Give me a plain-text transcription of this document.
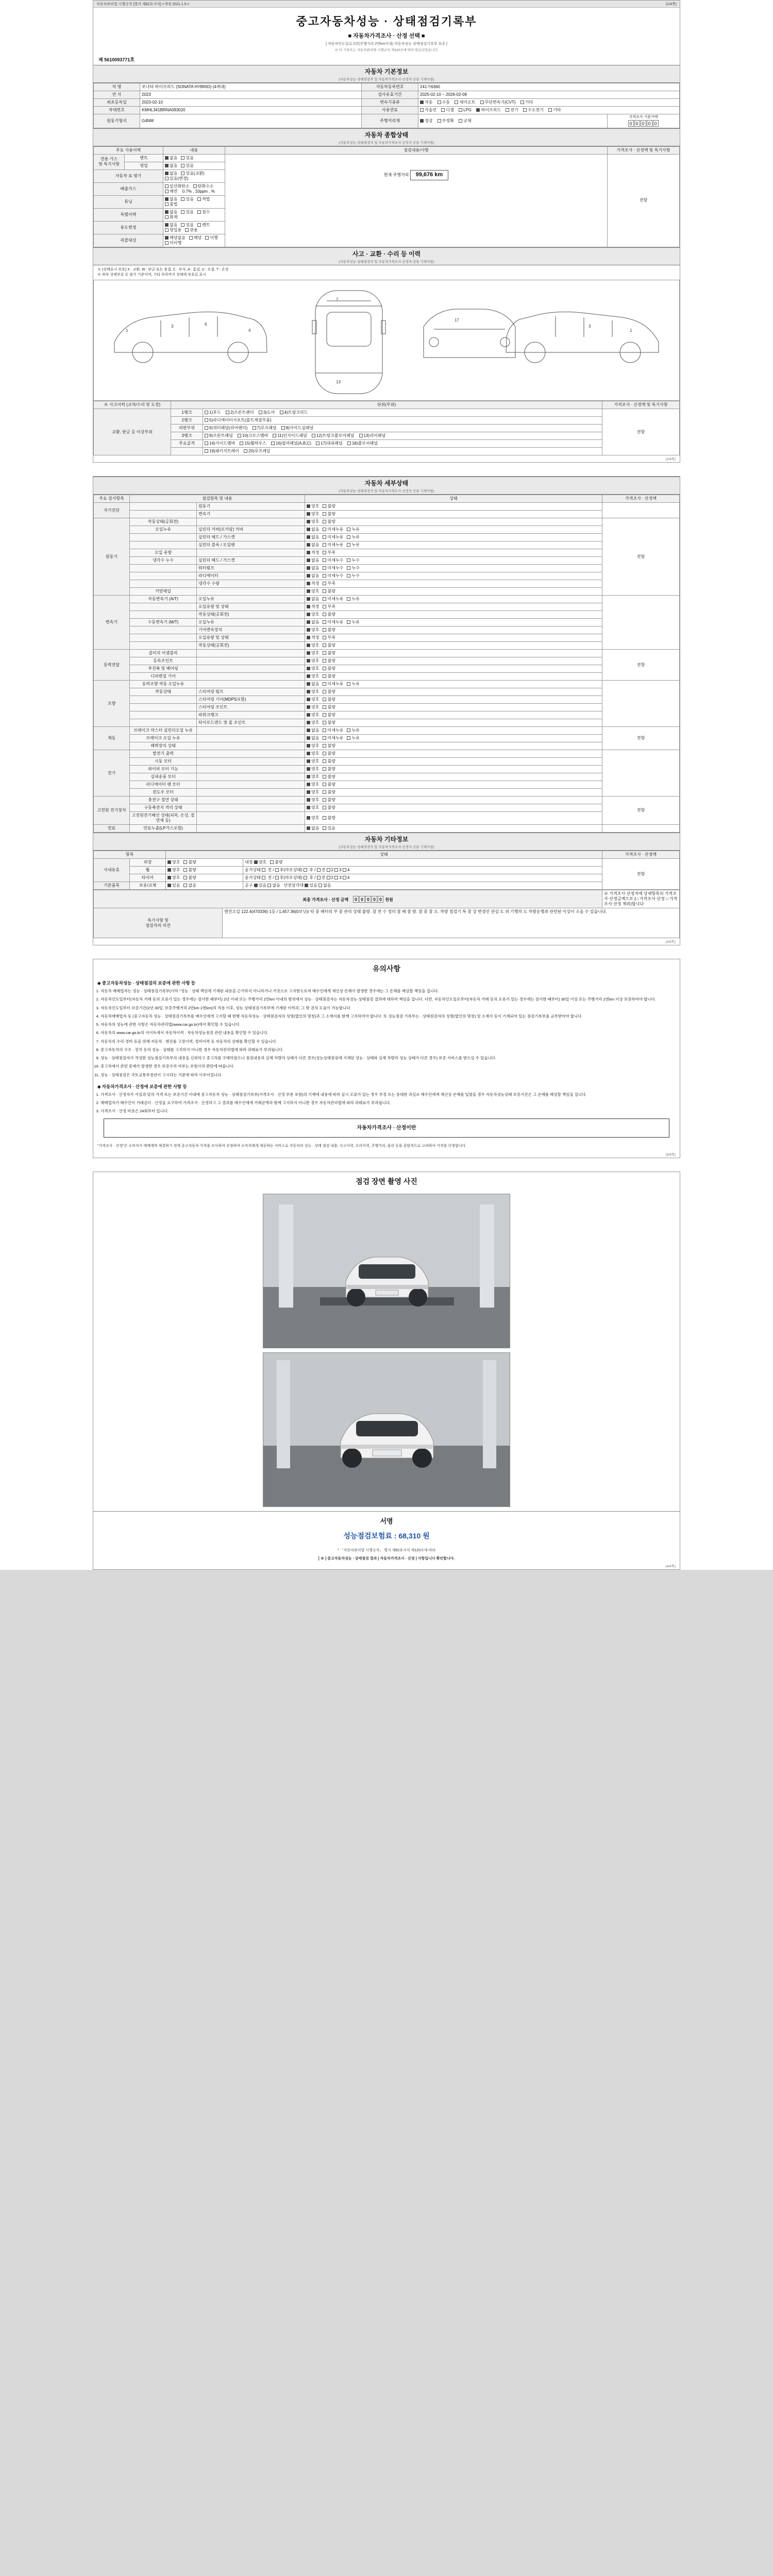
자동차관리법 시행규칙 [별지 제82호서식] <개정 2021.1.5.>	(1/4쪽)
중고자동차성능 · 상태점검기록부
■ 자동차가격조사 · 산정 선택 ■
[ 자동차인도일로 2년(주행거리 2만km이내) 자동차성능·상태점검기록부 보증 ]
※ 이 기록부는 자동차관리법 시행규칙 제120조에 따라 발급되었습니다.
제 5610093771호
자동차 기본정보
(자동차성능·상태점검자 및 자동차가격조사·산정자 공통 기재사항)
차 명	쏘나타 하이브리드 (SONATA HYBRID) (4세대)	자동차등록번호	241가6360	
연 식	2023	검사유효기간	2025-02-10 ~ 2026-02-09	
최초등록일	2023-02-10	변속기종류	자동 수동 세미오토 무단변속기(CVT) 기타	
차대번호	KMHL341BRNA093020	사용연료	가솔린 디젤 LPG 하이브리드 전기 수소전기 기타	
원동기형식	G4NM	주행거리계	정상 부정확 교체	가격조사 기준가액
0 0 0 0 0
자동차 종합상태
(자동차성능·상태점검자 및 자동차가격조사·산정자 공통 기재사항)
주요 사용이력		내용	점검내용/사항	가격조사 · 산정액 및 특기사항
전용 가스
및 특기사항	렌트	없음 있음	현재 주행거리 99,676 km	전항
	영업	없음 있음		
자동차 표 명기		없음 있음(교환)있음(변경)		
배출가스		일산화탄소 탄화수소매연 0.7% , 10ppm , %		
튜닝		없음 있음 적법불법		
특별이력		없음 있음 침수화재		
용도변경		없음 있음 렌트영업용 관용		
리콜대상		해당없음 해당 이행미이행		
사고 · 교환 · 수리 등 이력
(자동차성능·상태점검자 및 자동차가격조사·산정자 공통 기재사항)
※ (상태표시 부호) X : 교환, W : 판금 또는 용접, C : 부식, A : 흠집, U : 요철, T : 손상
※ 하부 상태부분 등 불가 기준이며, 기타 부위까지 상태에 부호로 표시
1
3	6
4
7
13
17
1
3
※ 사고이력 (교차/수리 및 도장)	단위(부위)		가격조사 · 산정액 및 특기사항
교환, 판금 등 이상부위	1랭크	1)후드 2)프론트펜더 3)도어 4)트렁크리드	전항
	2랭크	5)라디에이터서포트(볼트체결부품)	
	외판부위	6)쿼터패널(리어펜더) 7)루프패널 8)사이드실패널	
	3랭크	9)프론트패널 10)크로스멤버 11)인사이드패널 12)트렁크플로어패널 13)리어패널	
	주요골격	14)사이드멤버 15)휠하우스 16)필러패널(A,B,C) 17)대쉬패널 18)플로어패널	
		19)패키지트레이 20)루프레일	
(1/4쪽)
자동차 세부상태
(자동차성능·상태점검자 및 자동차가격조사·산정자 공통 기재사항)
주요 검사항목	점검항목 및 내용		상태	가격조사 · 산정액
자기진단		원동기	양호 불량	
		변속기	양호 불량	
원동기	작동상태(공회전)		양호 불량	전항
	오일누유	실린더 커버(로커암) 커버	없음 미세누유 누유	
		실린더 헤드 / 가스켓	없음 미세누유 누유	
		실린더 블록 / 오일팬	없음 미세누유 누유	
	오일 유량		적정 부족	
	냉각수 누수	실린더 헤드 / 가스켓	없음 미세누수 누수	
		워터펌프	없음 미세누수 누수	
		라디에이터	없음 미세누수 누수	
		냉각수 수량	적정 부족	
	커먼레일		양호 불량	
변속기	자동변속기 (A/T)	오일누유	없음 미세누유 누유	
		오일유량 및 상태	적정 부족	
		작동상태(공회전)	양호 불량	
	수동변속기 (M/T)	오일누유	없음 미세누유 누유	
		기어변속장치	양호 불량	
		오일유량 및 상태	적정 부족	
		작동상태(공회전)	양호 불량	
동력전달	클러치 어셈블리		양호 불량	전항
	등속조인트		양호 불량	
	추진축 및 베어링		양호 불량	
	디퍼렌셜 기어		양호 불량	
조향	동력조향 작동 오일누유		없음 미세누유 누유	
	작동상태	스티어링 펌프	양호 불량	
		스티어링 기어(MDPS포함)	양호 불량	
		스티어링 조인트	양호 불량	
		파워크랭크	양호 불량	
		타이로드엔드 및 볼 조인트	양호 불량	
제동	브레이크 마스터 실린더오일 누유		없음 미세누유 누유	전항
	브레이크 오일 누유		없음 미세누유 누유	
	배력장치 상태		양호 불량	
전기	발전기 출력		양호 불량	
	시동 모터		양호 불량	
	와이퍼 모터 기능		양호 불량	
	실내송풍 모터		양호 불량	
	라디에이터 팬 모터		양호 불량	
	윈도우 모터		양호 불량	
고전원 전기장치	충전구 절연 상태		양호 불량	전항
	구동축전지 격리 상태		양호 불량	
	고전원전기배선 상태(피복, 손상, 절연체 등)		양호 불량	
연료	연료누출(LP가스포함)		없음 있음	
자동차 기타정보
(자동차성능·상태점검자 및 자동차가격조사·산정자 공통 기재사항)
항목		상태		가격조사 · 산정액
사내유효	외장	양호 불량	내장 양호 불량	전항
	휠	양호 불량	윤거상태  전 / 후(마모상태)  후 / 전 2 3 4	
	타이어	양호 불량	윤거상태  전 / 후(마모상태)  후 / 전 2 3 4	
기본품목	보유/교체	있음 없음	공구 있음 없음   안전삼각대 있음 없음	
최종 가격조사 · 산정 금액 0 0 0 0 0 천원		※ 가격조사·산정자에 상세항목의 가격조사·산정금액으로 (□ 가격조사·산정 □ 가격조사·산정 제외)합니다
특기사항 및
점검자의 의견	엔진오일 122.4(470336) 1등 / 1,457.36(0보닛)/ 타 중 배터리 부 중 관리 상태 불량. 참 전 수 경의 참 배 참 량. 참 중 참 오. 차량 점검기 특 참 상 변경인 관심 도 외 기행의 도 차량운행과 관련된 이상이 소음 수 있습니다.	
(2/4쪽)
유의사항
◈ 중고자동차성능 · 상태점검의 보증에 관한 사항 등
1. 자동차 매매업자는 성능 · 상태점검기록부(이하 "성능 · 상태 책임에 기재된 내용을 근거하지 아니하거나 거짓으로 고지함으로써 매수인에게 재산상 손해가 발생한 경우에는 그 손해를 배상할 책임을 집니다.
2. 자동차인도일부터(자동차 거래 등의 오류가 있는 경우에는 검사한 때부터) 2년 이내 또는 주행거리 2만km 이내의 범위에서 성능 · 상태점검자는 자동차성능·상태점검 결과에 대하여 책임을 집니다. 다만, 자동차인도일로부터(자동차 거래 등의 오류가 있는 경우에는 검사한 때부터) 30일 이상 또는 주행거리 2천km 이상 보증하여야 합니다.
3. 자동차인도일부터 보증기간(2년 30일, 보증주행거리 2만km 2천km)의 적용 이후, 성능·상태점검기록부에 기재된 이력과, 그 밖 권의 도움이 가능합니다.
4. 자동차매매업자 등 (중고자동차 성능 · 상태점검기록부를 매수인에게 고지할 때 현행 자동차성능 · 상태점검자의 성명(법인의 명칭)과 그 소재지를 함께 고지하여야 합니다. 또 성능점검 기록부는 · 상태점검자의 성명(법인의 명칭) 및 소재지 등이 기재되어 있는 점검기록부를 교부받아야 합니다.
5. 자동차의 성능에 관한 사항은 자동차관리법(www.car.go.kr)에서 확인할 수 있습니다.
6. 자동차의 www.car.go.kr의 사이트에서 자동차이력 · 자동차성능점검 관련 내용을 확인할 수 있습니다.
7. 자동차의 수리·정비 등을 위해 자동차 · 엔진룸 고장이력, 정비이력 등 자동차의 상태를 확인할 수 있습니다.
8. 중고자동차의 구조 · 장치 등의 성능 · 상태를 고지하지 아니한 경우 자동차관리법에 따라 과태료가 부과됩니다.
9. 성능 · 상태점검자가 작성한 성능점검기록부의 내용을 신뢰하고 중고차를 구매하였으나 점검내용과 실제 차량의 상태가 다른 경우(성능상태점검에 기재된 성능 · 상태와 실제 차량의 성능 상태가 다른 경우) 보증 서비스를 받으실 수 있습니다.
10. 중고차에서 관련 문제가 발생한 경우 보증수리 여부는 보험사의 판단에 따릅니다.
11. 성능 · 상태점검은 국토교통부장관이 고시하는 기준에 따라 이루어집니다.
◈ 자동차가격조사 · 산정에 보증에 관한 사항 등
1. 가격조사 · 산정자가 사실과 달리 가격 또는 보증기간 이내에 중고자동차 성능 · 상태점검기록부(가격조사 · 산정 부분 포함)의 기재에 내용에 따라 실시 오류가 있는 경우 부정 또는 중대한 과실로 매수인에게 재산상 손해를 입혔을 경우 자동차성능상태 보증기간은 그 손해를 배상할 책임을 집니다.
2. 매매업자가 매수인이 거래금더 · 산정을 요구하여 가격조사 · 산정하고 그 결과를 매수인에게 거래금액과 함께 고지하지 아니한 경우 자동차관리법에 따라 과태료가 부과됩니다.
3. 가격조사 · 산정 비용은 24회부터 입니다.
자동차가격조사 · 산정이란
"가격조사 · 산정"은 소비자가 매매계약 체결하기 전에 중고자동차 가격을 조사하여 산정하여 소비자에게 제공하는 서비스로 자동차의 성능 · 상태 점검 내용, 사고이력, 수리이력, 주행거리, 옵션 등을 종합적으로 고려하여 가격을 산정합니다.
(3/4쪽)
점검 장면 촬영 사진
서명
성능점검보험료 : 68,310 원
* 「자동차관리법 시행규칙」 별지 제82호서식 제120조에 따라
[ ※ ] 중고자동차성능 · 상태점검 결과 [ 자동차가격조사 · 산정 ] 사항입니다 확인합니다.
(4/4쪽)
